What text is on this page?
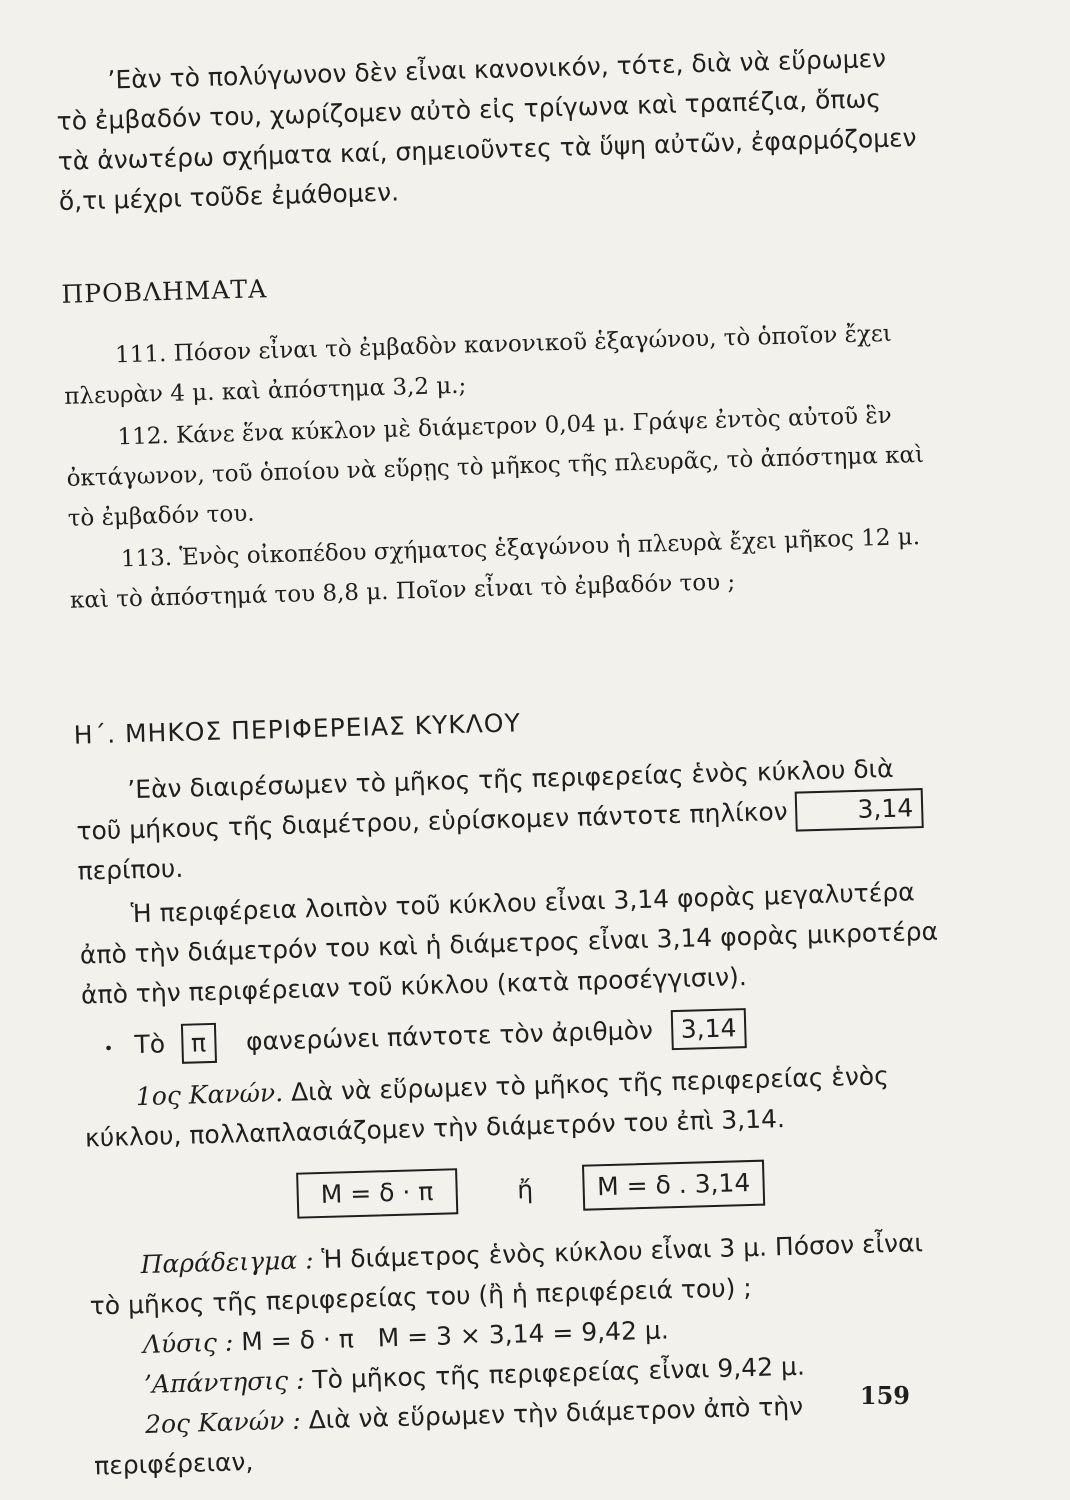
’Εὰν τὸ πολύγωνον δὲν εἶναι κανονικόν, τότε, διὰ νὰ εὕρωμεν τὸ ἐμβαδόν του, χωρίζομεν αὐτὸ εἰς τρίγωνα καὶ τραπέζια, ὅπως τὰ ἀνωτέρω σχήματα καί, σημειοῦντες τὰ ὕψη αὐτῶν, ἐφαρμόζομεν ὅ,τι μέχρι τοῦδε ἐμάθομεν.

ΠΡΟΒΛΗΜΑΤΑ

111. Πόσον εἶναι τὸ ἐμβαδὸν κανονικοῦ ἑξαγώνου, τὸ ὁποῖον ἔχει πλευρὰν 4 μ. καὶ ἀπόστημα 3,2 μ.;

112. Κάνε ἕνα κύκλον μὲ διάμετρον 0,04 μ. Γράψε ἐντὸς αὐτοῦ ἓν ὀκτάγωνον, τοῦ ὁποίου νὰ εὕρῃς τὸ μῆκος τῆς πλευρᾶς, τὸ ἀπόστημα καὶ τὸ ἐμβαδόν του.

113. Ἑνὸς οἰκοπέδου σχήματος ἑξαγώνου ἡ πλευρὰ ἔχει μῆκος 12 μ. καὶ τὸ ἀπόστημά του 8,8 μ. Ποῖον εἶναι τὸ ἐμβαδόν του ;

Η΄. ΜΗΚΟΣ ΠΕΡΙΦΕΡΕΙΑΣ ΚΥΚΛΟΥ

’Εὰν διαιρέσωμεν τὸ μῆκος τῆς περιφερείας ἑνὸς κύκλου διὰ τοῦ μήκους τῆς διαμέτρου, εὑρίσκομεν πάντοτε πηλίκον	3,14 περίπου.

Ἡ περιφέρεια λοιπὸν τοῦ κύκλου εἶναι 3,14 φορὰς μεγαλυτέρα ἀπὸ τὴν διάμετρόν του καὶ ἡ διάμετρος εἶναι 3,14 φορὰς μικροτέρα ἀπὸ τὴν περιφέρειαν τοῦ κύκλου (κατὰ προσέγγισιν).

• Τὸ π φανερώνει πάντοτε τὸν ἀριθμὸν 3,14

1ος Κανών. Διὰ νὰ εὕρωμεν τὸ μῆκος τῆς περιφερείας ἑνὸς κύκλου, πολλαπλασιάζομεν τὴν διάμετρόν του ἐπὶ 3,14.

Μ = δ · π	ἤ	Μ = δ . 3,14

Παράδειγμα : Ἡ διάμετρος ἑνὸς κύκλου εἶναι 3 μ. Πόσον εἶναι τὸ μῆκος τῆς περιφερείας του (ἢ ἡ περιφέρειά του) ;

Λύσις : Μ = δ · π   Μ = 3 × 3,14 = 9,42 μ.

’Απάντησις : Τὸ μῆκος τῆς περιφερείας εἶναι 9,42 μ.

2ος Κανών : Διὰ νὰ εὕρωμεν τὴν διάμετρον ἀπὸ τὴν περιφέρειαν,

159
